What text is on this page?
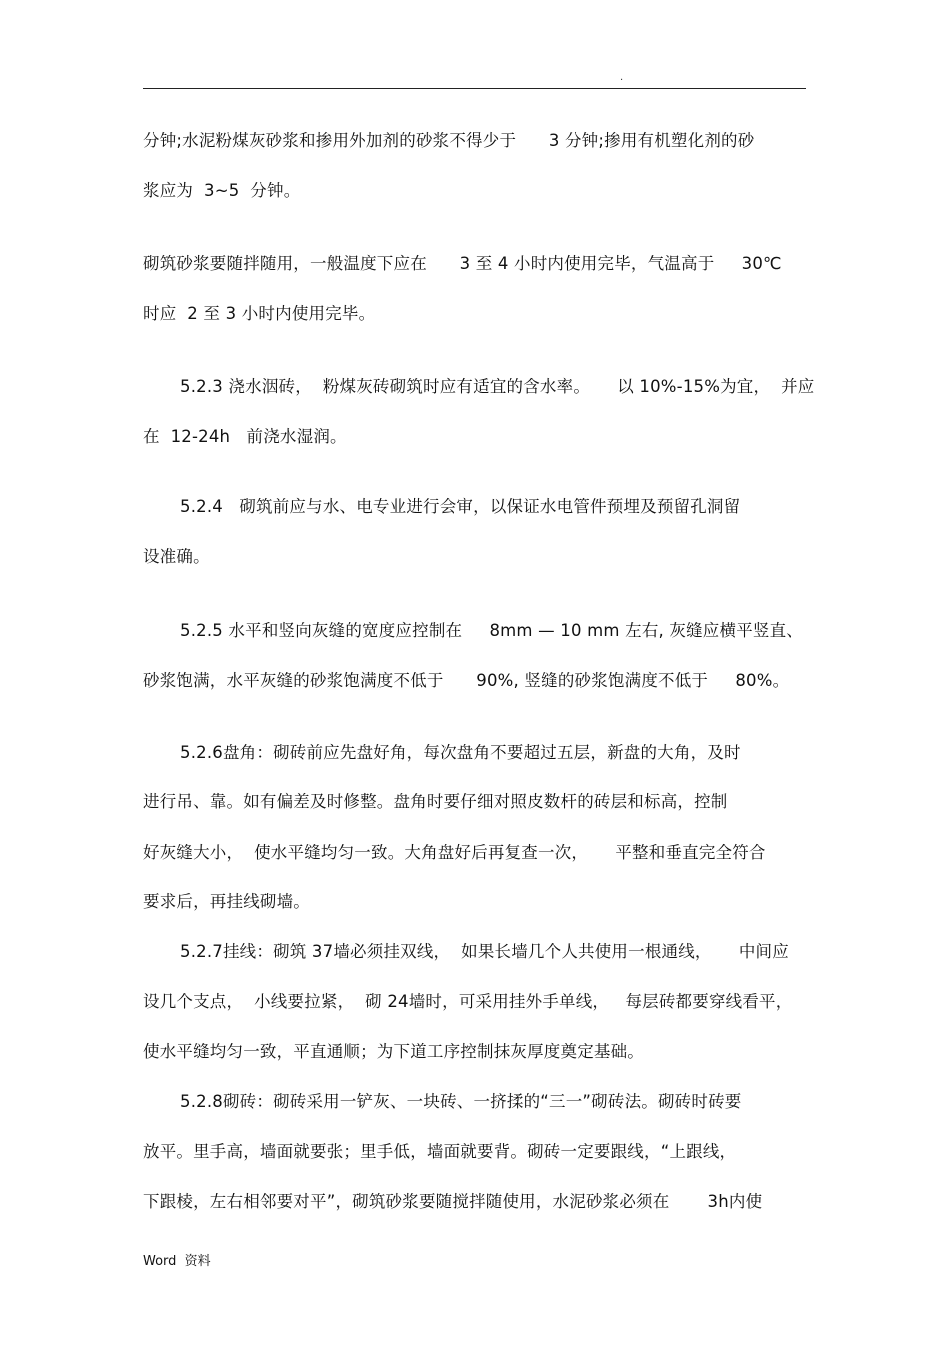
.
分钟;水泥粉煤灰砂浆和掺用外加剂的砂浆不得少于      3 分钟;掺用有机塑化剂的砂
浆应为  3~5  分钟。
砌筑砂浆要随拌随用，一般温度下应在      3 至 4 小时内使用完毕，气温高于     30℃
时应  2 至 3 小时内使用完毕。
5.2.3 浇水洇砖，  粉煤灰砖砌筑时应有适宜的含水率。     以 10%-15%为宜，  并应
在  12-24h   前浇水湿润。
5.2.4   砌筑前应与水、电专业进行会审，以保证水电管件预埋及预留孔洞留
设准确。
5.2.5 水平和竖向灰缝的宽度应控制在     8mm — 10 mm 左右, 灰缝应横平竖直、
砂浆饱满，水平灰缝的砂浆饱满度不低于      90%, 竖缝的砂浆饱满度不低于     80%。
5.2.6盘角：砌砖前应先盘好角，每次盘角不要超过五层，新盘的大角，及时
进行吊、靠。如有偏差及时修整。盘角时要仔细对照皮数杆的砖层和标高，控制
好灰缝大小，  使水平缝均匀一致。大角盘好后再复查一次，     平整和垂直完全符合
要求后，再挂线砌墙。
5.2.7挂线：砌筑 37墙必须挂双线，  如果长墙几个人共使用一根通线，     中间应
设几个支点，  小线要拉紧，  砌 24墙时，可采用挂外手单线，   每层砖都要穿线看平，
使水平缝均匀一致，平直通顺；为下道工序控制抹灰厚度奠定基础。
5.2.8砌砖：砌砖采用一铲灰、一块砖、一挤揉的“三一”砌砖法。砌砖时砖要
放平。里手高，墙面就要张；里手低，墙面就要背。砌砖一定要跟线，“上跟线，
下跟棱，左右相邻要对平”，砌筑砂浆要随搅拌随使用，水泥砂浆必须在       3h内使
Word  资料
